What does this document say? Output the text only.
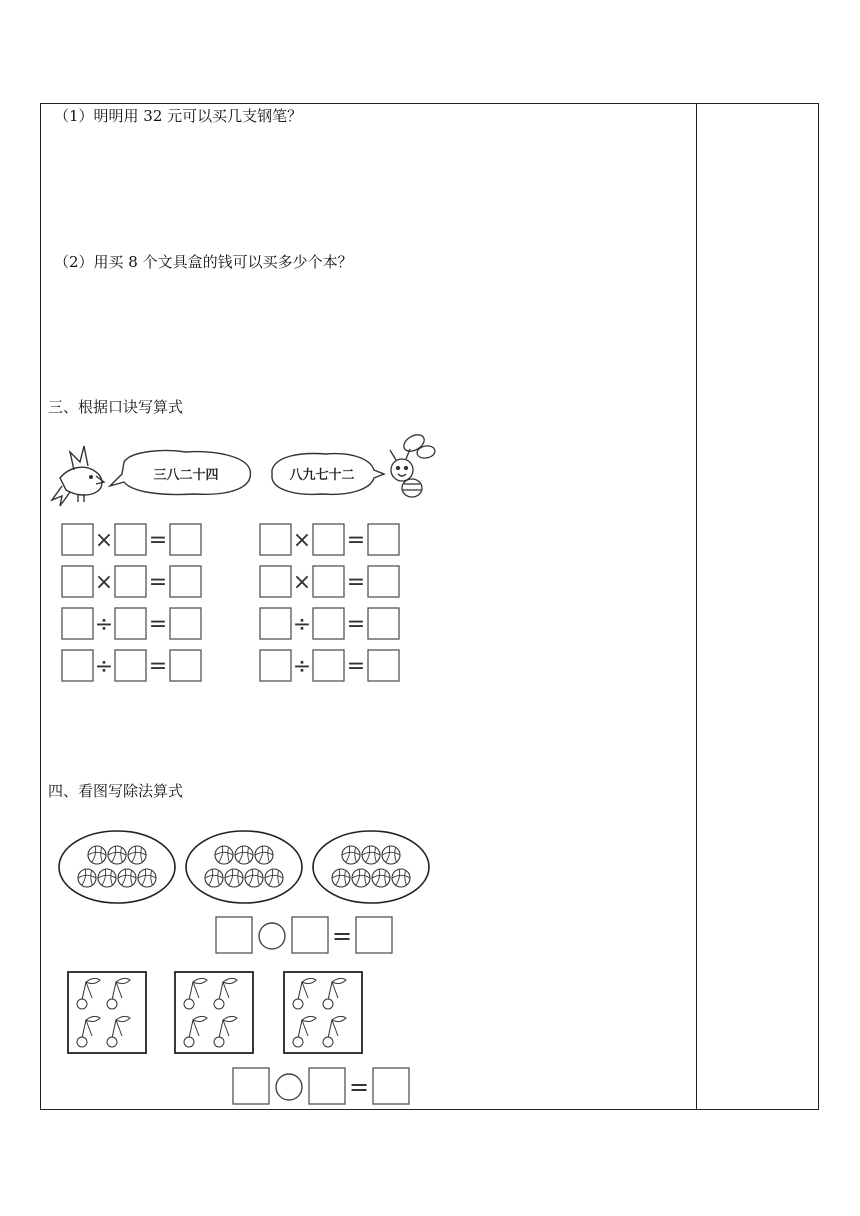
（1）明明用 32 元可以买几支钢笔？
（2）用买 8 个文具盒的钱可以买多少个本？
三、根据口诀写算式
四、看图写除法算式
三八二十四	八九七十二
× =
× =
÷ =
÷ =
× =
× =
÷ =
÷ =
=
=
